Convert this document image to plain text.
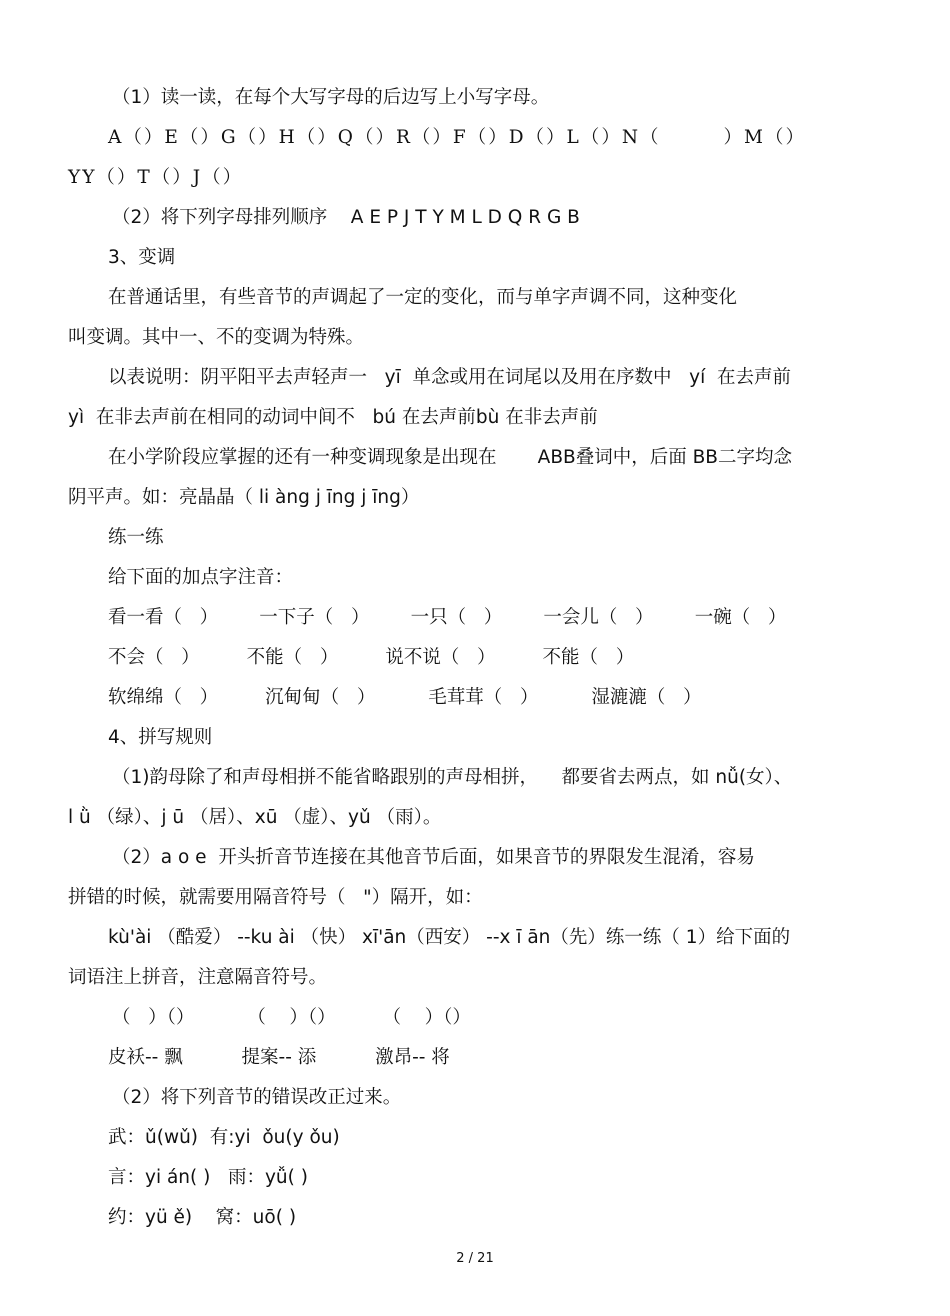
（1）读一读，在每个大写字母的后边写上小写字母。
A（）E（）G（）H（）Q（）R（）F（）D（）L（）N（        ）M（）
YY（）T（）J（）
（2）将下列字母排列顺序    A E P J T Y M L D Q R G B
3、变调
在普通话里，有些音节的声调起了一定的变化，而与单字声调不同，这种变化
叫变调。其中一、不的变调为特殊。
以表说明：阴平阳平去声轻声一   yī  单念或用在词尾以及用在序数中   yí  在去声前
yì  在非去声前在相同的动词中间不   bú 在去声前bù 在非去声前
在小学阶段应掌握的还有一种变调现象是出现在       ABB叠词中，后面 BB二字均念
阴平声。如：亮晶晶（ li àng j īng j īng）
练一练
给下面的加点字注音：
看一看（   ）       一下子（   ）       一只（   ）       一会儿（   ）       一碗（   ）
不会（   ）        不能（   ）        说不说（   ）        不能（   ）
软绵绵（   ）        沉甸甸（   ）         毛茸茸（   ）         湿漉漉（   ）
4、拼写规则
（1)韵母除了和声母相拼不能省略跟别的声母相拼，    都要省去两点，如 nǚ(女）、
l ǜ （绿）、j ū （居）、xū （虚）、yǔ （雨）。
（2）a o e  开头折音节连接在其他音节后面，如果音节的界限发生混淆，容易
拼错的时候，就需要用隔音符号（   "）隔开，如：
kù'ài （酷爱） --ku ài （快） xī'ān（西安） --x ī ān（先）练一练（ 1）给下面的
词语注上拼音，注意隔音符号。
（   ）（）         （    ）（）        （    ）（）
皮袄-- 飘          提案-- 添          激昂-- 将
（2）将下列音节的错误改正过来。
武：ǔ(wǔ)  有:yi  ǒu(y ǒu)
言：yi án( )   雨：yǚ( )
约：yü ě)    窝：uō( )
2 / 21
